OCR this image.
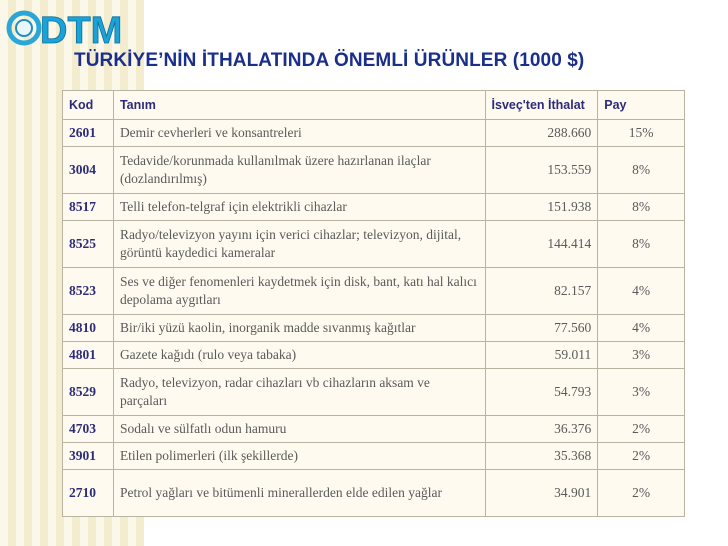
DTM
TÜRKİYE’NİN İTHALATINDA ÖNEMLİ ÜRÜNLER (1000 $)
Kod	Tanım	İsveç'ten İthalat	Pay
2601	Demir cevherleri ve konsantreleri	288.660	15%
3004	Tedavide/korunmada kullanılmak üzere hazırlanan ilaçlar (dozlandırılmış)	153.559	8%
8517	Telli telefon-telgraf için elektrikli cihazlar	151.938	8%
8525	Radyo/televizyon yayını için verici cihazlar; televizyon, dijital, görüntü kaydedici kameralar	144.414	8%
8523	Ses ve diğer fenomenleri kaydetmek için disk, bant, katı hal kalıcı depolama aygıtları	82.157	4%
4810	Bir/iki yüzü kaolin, inorganik madde sıvanmış kağıtlar	77.560	4%
4801	Gazete kağıdı (rulo veya tabaka)	59.011	3%
8529	Radyo, televizyon, radar cihazları vb cihazların aksam ve parçaları	54.793	3%
4703	Sodalı ve sülfatlı odun hamuru	36.376	2%
3901	Etilen polimerleri (ilk şekillerde)	35.368	2%
2710	Petrol yağları ve bitümenli minerallerden elde edilen yağlar	34.901	2%
